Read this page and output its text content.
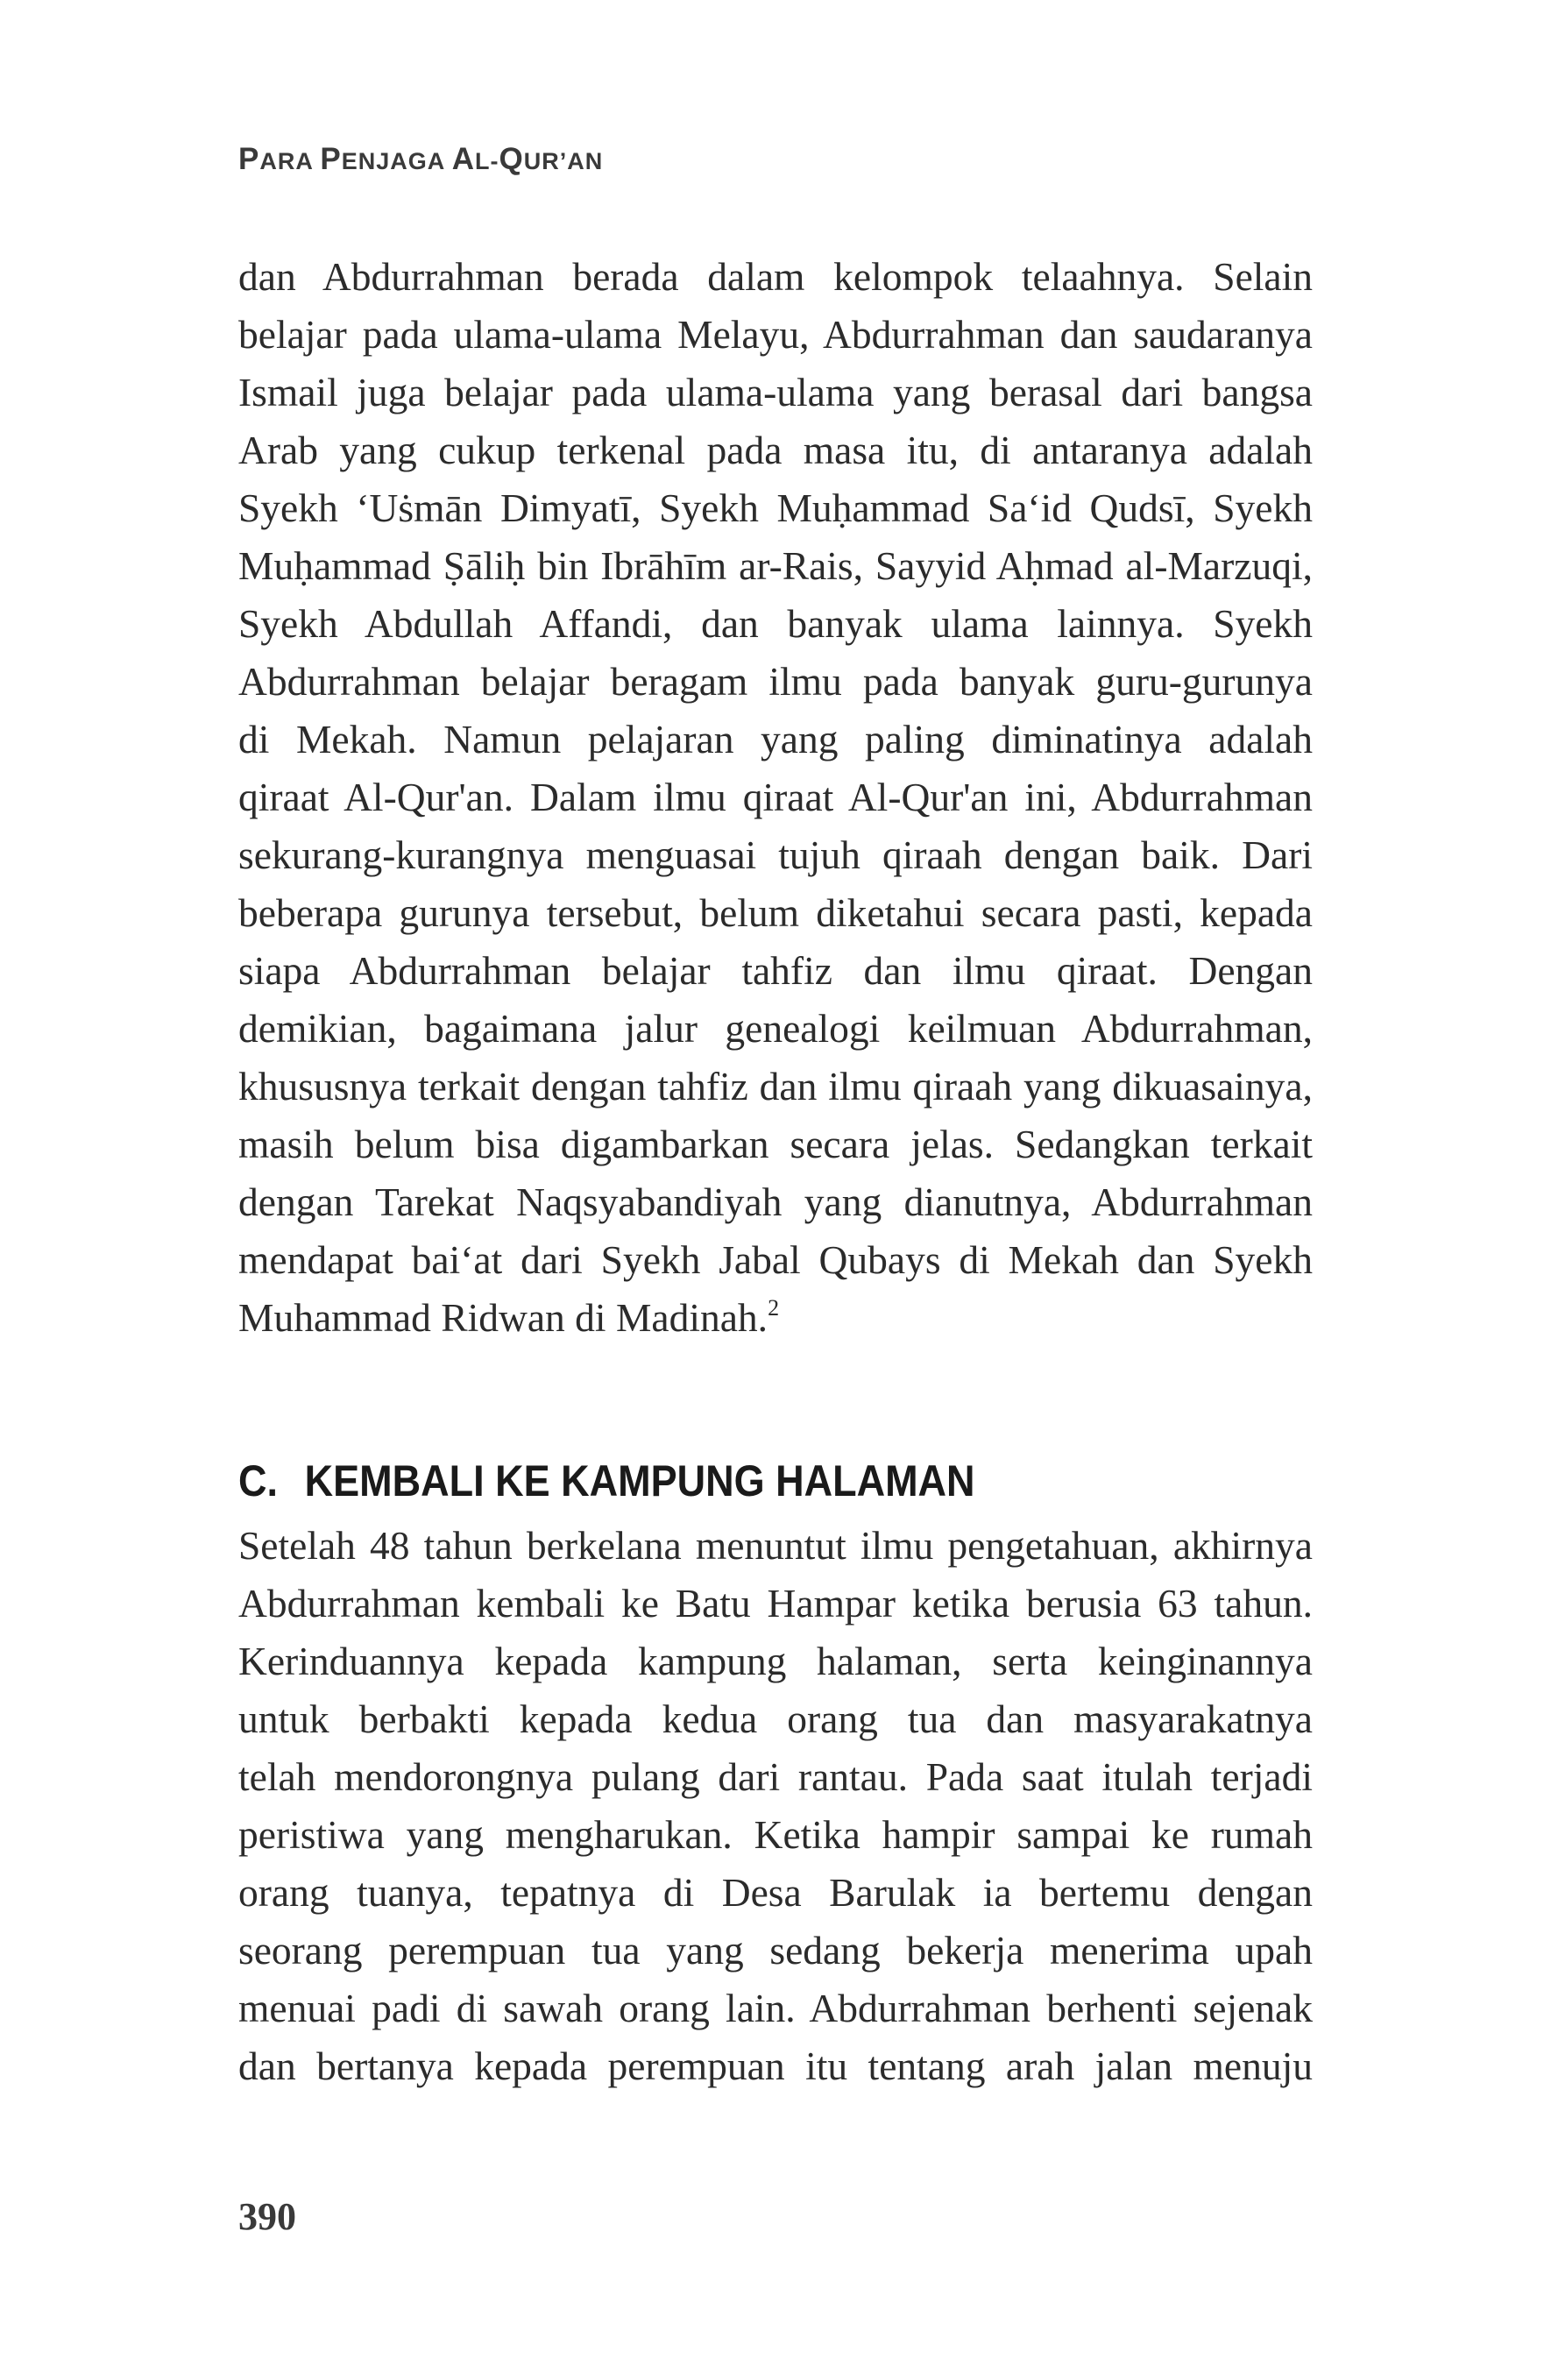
PARA PENJAGA AL-QUR’AN
dan Abdurrahman berada dalam kelompok telaahnya. Selain
belajar pada ulama-ulama Melayu, Abdurrahman dan saudaranya
Ismail juga belajar pada ulama-ulama yang berasal dari bangsa
Arab yang cukup terkenal pada masa itu, di antaranya adalah
Syekh ‘Uṡmān Dimyatī, Syekh Muḥammad Sa‘id Qudsī, Syekh
Muḥammad Ṣāliḥ bin Ibrāhīm ar-Rais, Sayyid Aḥmad al-Marzuqi,
Syekh Abdullah Affandi, dan banyak ulama lainnya. Syekh
Abdurrahman belajar beragam ilmu pada banyak guru-gurunya
di Mekah. Namun pelajaran yang paling diminatinya adalah
qiraat Al-Qur'an. Dalam ilmu qiraat Al-Qur'an ini, Abdurrahman
sekurang-kurangnya menguasai tujuh qiraah dengan baik. Dari
beberapa gurunya tersebut, belum diketahui secara pasti, kepada
siapa Abdurrahman belajar tahfiz dan ilmu qiraat. Dengan
demikian, bagaimana jalur genealogi keilmuan Abdurrahman,
khususnya terkait dengan tahfiz dan ilmu qiraah yang dikuasainya,
masih belum bisa digambarkan secara jelas. Sedangkan terkait
dengan Tarekat Naqsyabandiyah yang dianutnya, Abdurrahman
mendapat bai‘at dari Syekh Jabal Qubays di Mekah dan Syekh
Muhammad Ridwan di Madinah.$^2$
C. KEMBALI KE KAMPUNG HALAMAN
Setelah 48 tahun berkelana menuntut ilmu pengetahuan, akhirnya
Abdurrahman kembali ke Batu Hampar ketika berusia 63 tahun.
Kerinduannya kepada kampung halaman, serta keinginannya
untuk berbakti kepada kedua orang tua dan masyarakatnya
telah mendorongnya pulang dari rantau. Pada saat itulah terjadi
peristiwa yang mengharukan. Ketika hampir sampai ke rumah
orang tuanya, tepatnya di Desa Barulak ia bertemu dengan
seorang perempuan tua yang sedang bekerja menerima upah
menuai padi di sawah orang lain. Abdurrahman berhenti sejenak
dan bertanya kepada perempuan itu tentang arah jalan menuju
390
